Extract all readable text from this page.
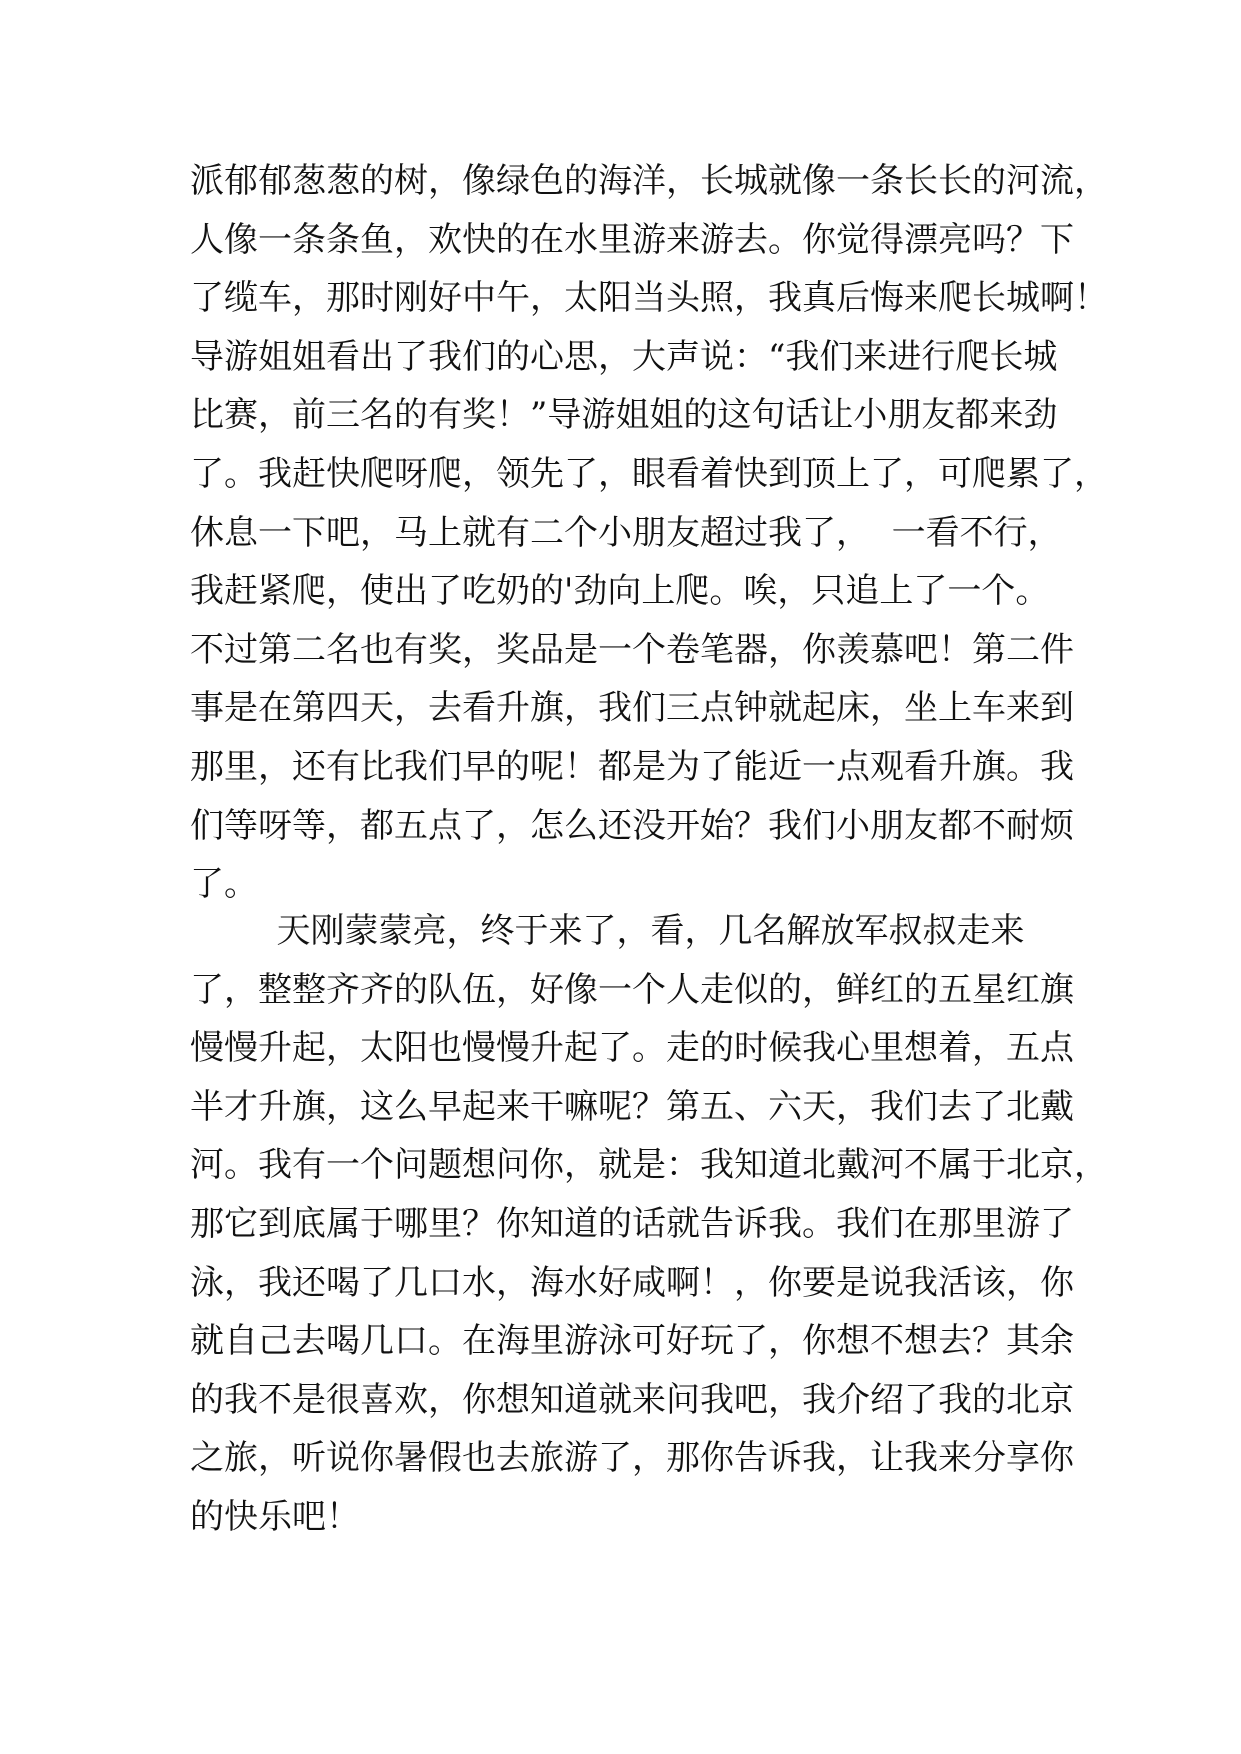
派郁郁葱葱的树，像绿色的海洋，长城就像一条长长的河流，
人像一条条鱼，欢快的在水里游来游去。你觉得漂亮吗？下
了缆车，那时刚好中午，太阳当头照，我真后悔来爬长城啊！
导游姐姐看出了我们的心思，大声说：“我们来进行爬长城
比赛，前三名的有奖！”导游姐姐的这句话让小朋友都来劲
了。我赶快爬呀爬，领先了，眼看着快到顶上了，可爬累了，
休息一下吧，马上就有二个小朋友超过我了，  一看不行，
我赶紧爬，使出了吃奶的'劲向上爬。唉，只追上了一个。
不过第二名也有奖，奖品是一个卷笔器，你羡慕吧！第二件
事是在第四天，去看升旗，我们三点钟就起床，坐上车来到
那里，还有比我们早的呢！都是为了能近一点观看升旗。我
们等呀等，都五点了，怎么还没开始？我们小朋友都不耐烦
了。
天刚蒙蒙亮，终于来了，看，几名解放军叔叔走来
了，整整齐齐的队伍，好像一个人走似的，鲜红的五星红旗
慢慢升起，太阳也慢慢升起了。走的时候我心里想着，五点
半才升旗，这么早起来干嘛呢？第五、六天，我们去了北戴
河。我有一个问题想问你，就是：我知道北戴河不属于北京，
那它到底属于哪里？你知道的话就告诉我。我们在那里游了
泳，我还喝了几口水，海水好咸啊！，你要是说我活该，你
就自己去喝几口。在海里游泳可好玩了，你想不想去？其余
的我不是很喜欢，你想知道就来问我吧，我介绍了我的北京
之旅，听说你暑假也去旅游了，那你告诉我，让我来分享你
的快乐吧！
